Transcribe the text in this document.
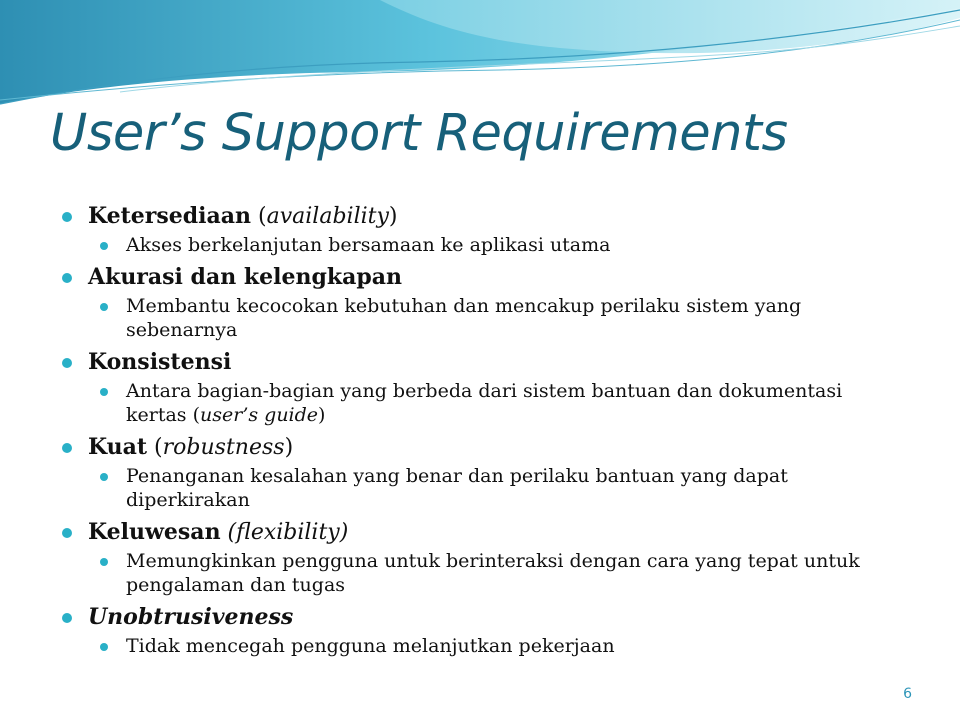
User’s Support Requirements
Ketersediaan (availability)
Akses berkelanjutan bersamaan ke aplikasi utama
Akurasi dan kelengkapan
Membantu kecocokan kebutuhan dan mencakup perilaku sistem yang sebenarnya
Konsistensi
Antara bagian-bagian yang berbeda dari sistem bantuan dan dokumentasi kertas (user’s guide)
Kuat (robustness)
Penanganan kesalahan yang benar dan perilaku bantuan yang dapat diperkirakan
Keluwesan (flexibility)
Memungkinkan pengguna untuk berinteraksi dengan cara yang tepat untuk pengalaman dan tugas
Unobtrusiveness
Tidak mencegah pengguna melanjutkan pekerjaan
6
